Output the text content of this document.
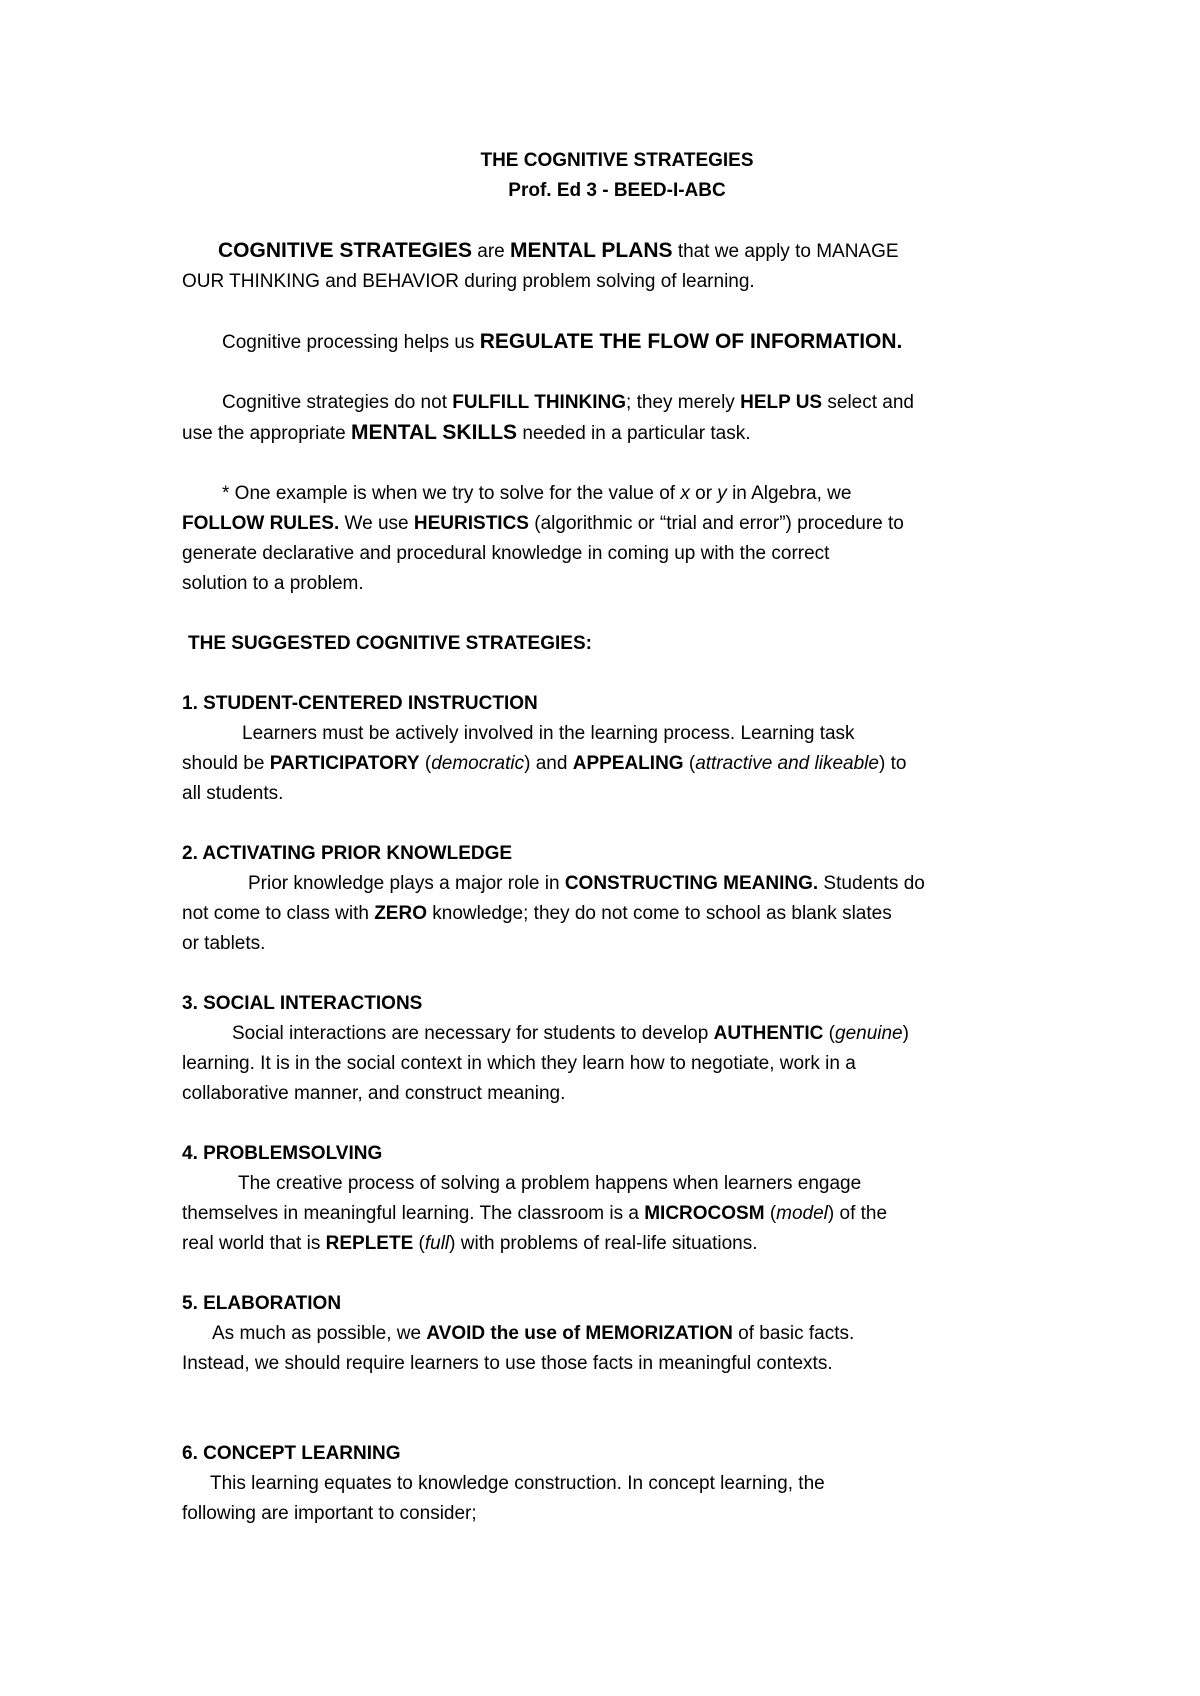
THE COGNITIVE STRATEGIES
Prof. Ed 3 - BEED-I-ABC
COGNITIVE STRATEGIES are MENTAL PLANS that we apply to MANAGE
OUR THINKING and BEHAVIOR during problem solving of learning.
Cognitive processing helps us REGULATE THE FLOW OF INFORMATION.
Cognitive strategies do not FULFILL THINKING; they merely HELP US select and
use the appropriate MENTAL SKILLS needed in a particular task.
* One example is when we try to solve for the value of x or y in Algebra, we
FOLLOW RULES. We use HEURISTICS (algorithmic or “trial and error”) procedure to
generate declarative and procedural knowledge in coming up with the correct
solution to a problem.
THE SUGGESTED COGNITIVE STRATEGIES:
1. STUDENT-CENTERED INSTRUCTION
Learners must be actively involved in the learning process. Learning task
should be PARTICIPATORY (democratic) and APPEALING (attractive and likeable) to
all students.
2. ACTIVATING PRIOR KNOWLEDGE
Prior knowledge plays a major role in CONSTRUCTING MEANING. Students do
not come to class with ZERO knowledge; they do not come to school as blank slates
or tablets.
3. SOCIAL INTERACTIONS
Social interactions are necessary for students to develop AUTHENTIC (genuine)
learning. It is in the social context in which they learn how to negotiate, work in a
collaborative manner, and construct meaning.
4. PROBLEMSOLVING
The creative process of solving a problem happens when learners engage
themselves in meaningful learning. The classroom is a MICROCOSM (model) of the
real world that is REPLETE (full) with problems of real-life situations.
5. ELABORATION
As much as possible, we AVOID the use of MEMORIZATION of basic facts.
Instead, we should require learners to use those facts in meaningful contexts.
6. CONCEPT LEARNING
This learning equates to knowledge construction. In concept learning, the
following are important to consider;
